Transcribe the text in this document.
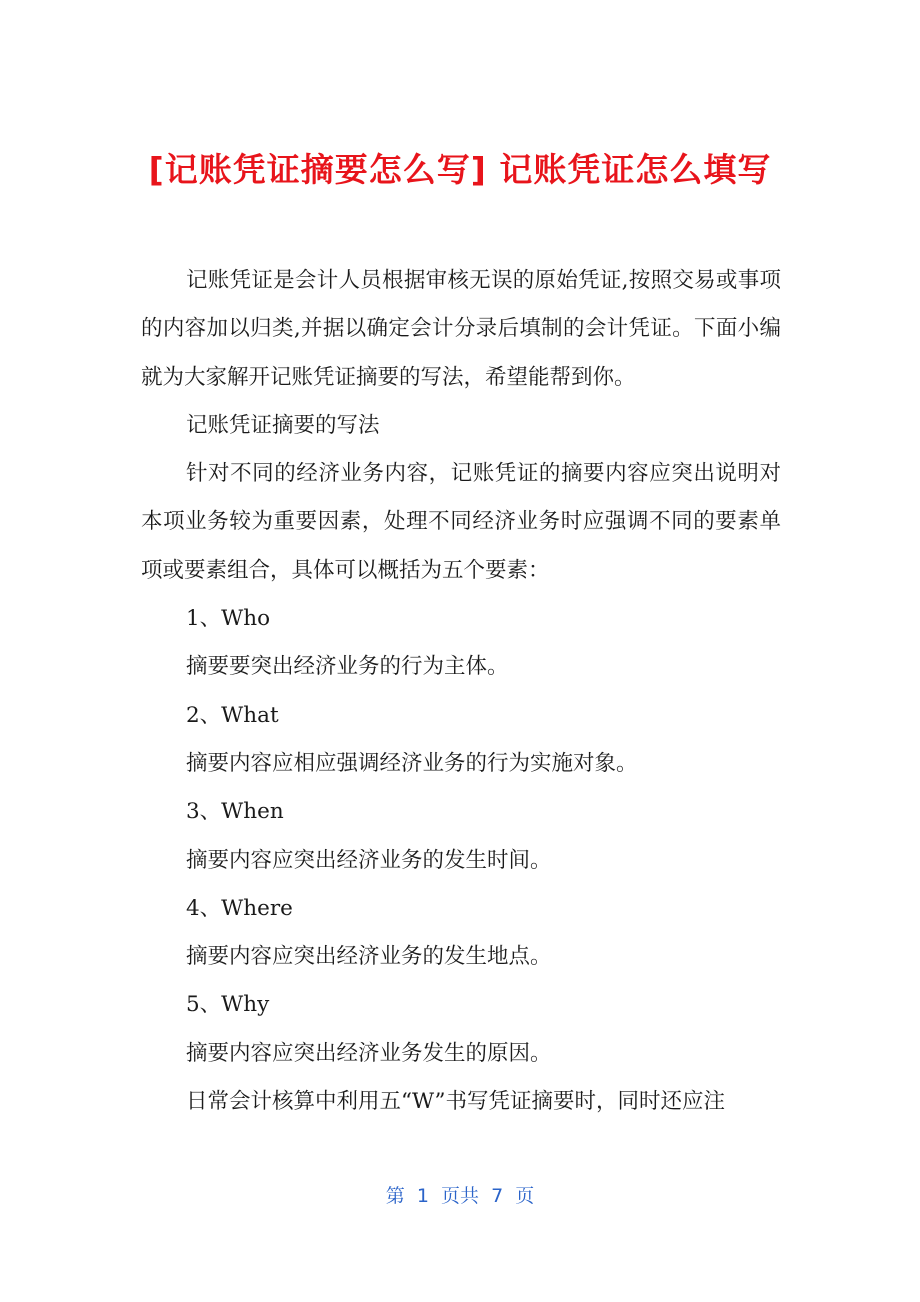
[记账凭证摘要怎么写] 记账凭证怎么填写

记账凭证是会计人员根据审核无误的原始凭证,按照交易或事项的内容加以归类,并据以确定会计分录后填制的会计凭证。下面小编就为大家解开记账凭证摘要的写法，希望能帮到你。

记账凭证摘要的写法

针对不同的经济业务内容，记账凭证的摘要内容应突出说明对本项业务较为重要因素，处理不同经济业务时应强调不同的要素单项或要素组合，具体可以概括为五个要素：

1、Who

摘要要突出经济业务的行为主体。

2、What

摘要内容应相应强调经济业务的行为实施对象。

3、When

摘要内容应突出经济业务的发生时间。

4、Where

摘要内容应突出经济业务的发生地点。

5、Why

摘要内容应突出经济业务发生的原因。

日常会计核算中利用五“W”书写凭证摘要时，同时还应注

第  1  页共  7  页
